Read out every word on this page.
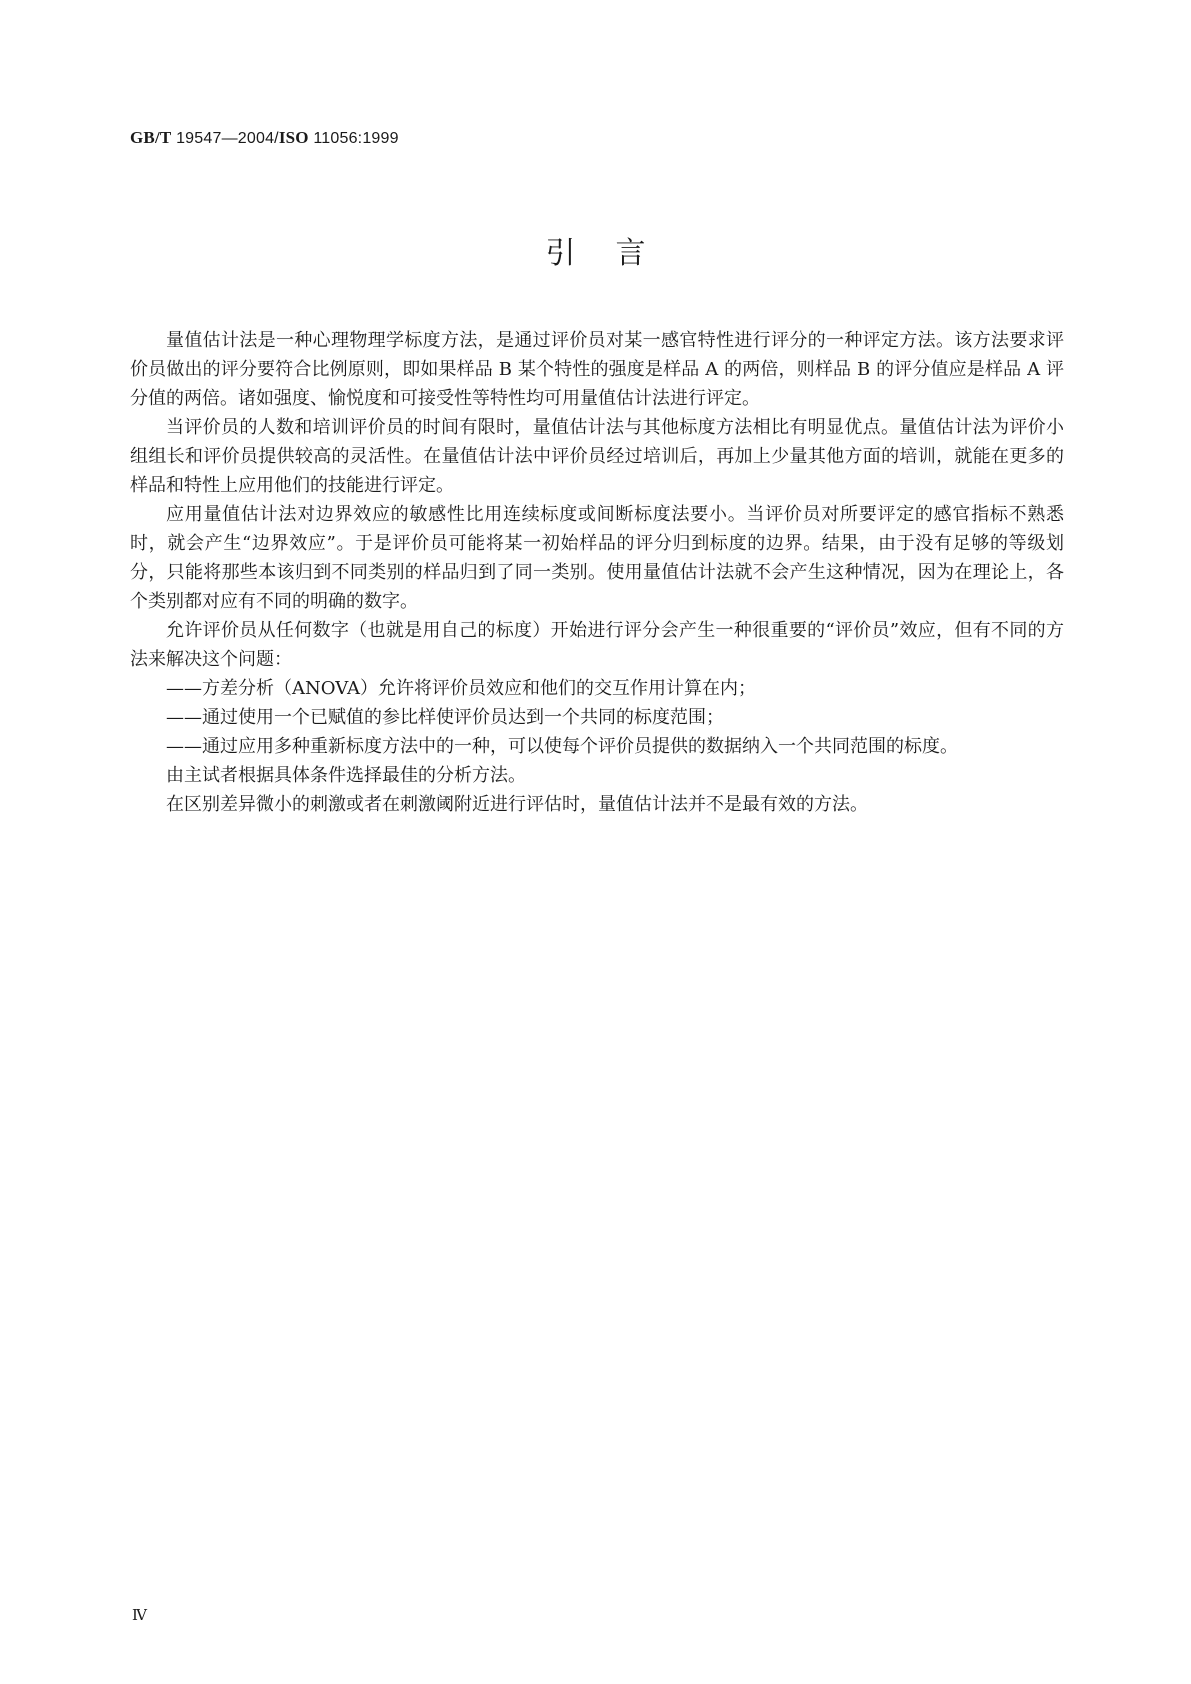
GB/T 19547—2004/ISO 11056:1999
引言

量值估计法是一种心理物理学标度方法，是通过评价员对某一感官特性进行评分的一种评定方法。该方法要求评价员做出的评分要符合比例原则，即如果样品 B 某个特性的强度是样品 A 的两倍，则样品 B 的评分值应是样品 A 评分值的两倍。诸如强度、愉悦度和可接受性等特性均可用量值估计法进行评定。

当评价员的人数和培训评价员的时间有限时，量值估计法与其他标度方法相比有明显优点。量值估计法为评价小组组长和评价员提供较高的灵活性。在量值估计法中评价员经过培训后，再加上少量其他方面的培训，就能在更多的样品和特性上应用他们的技能进行评定。

应用量值估计法对边界效应的敏感性比用连续标度或间断标度法要小。当评价员对所要评定的感官指标不熟悉时，就会产生“边界效应”。于是评价员可能将某一初始样品的评分归到标度的边界。结果，由于没有足够的等级划分，只能将那些本该归到不同类别的样品归到了同一类别。使用量值估计法就不会产生这种情况，因为在理论上，各个类别都对应有不同的明确的数字。

允许评价员从任何数字（也就是用自己的标度）开始进行评分会产生一种很重要的“评价员”效应，但有不同的方法来解决这个问题：

——方差分析（ANOVA）允许将评价员效应和他们的交互作用计算在内；

——通过使用一个已赋值的参比样使评价员达到一个共同的标度范围；

——通过应用多种重新标度方法中的一种，可以使每个评价员提供的数据纳入一个共同范围的标度。

由主试者根据具体条件选择最佳的分析方法。

在区别差异微小的刺激或者在刺激阈附近进行评估时，量值估计法并不是最有效的方法。

Ⅳ
